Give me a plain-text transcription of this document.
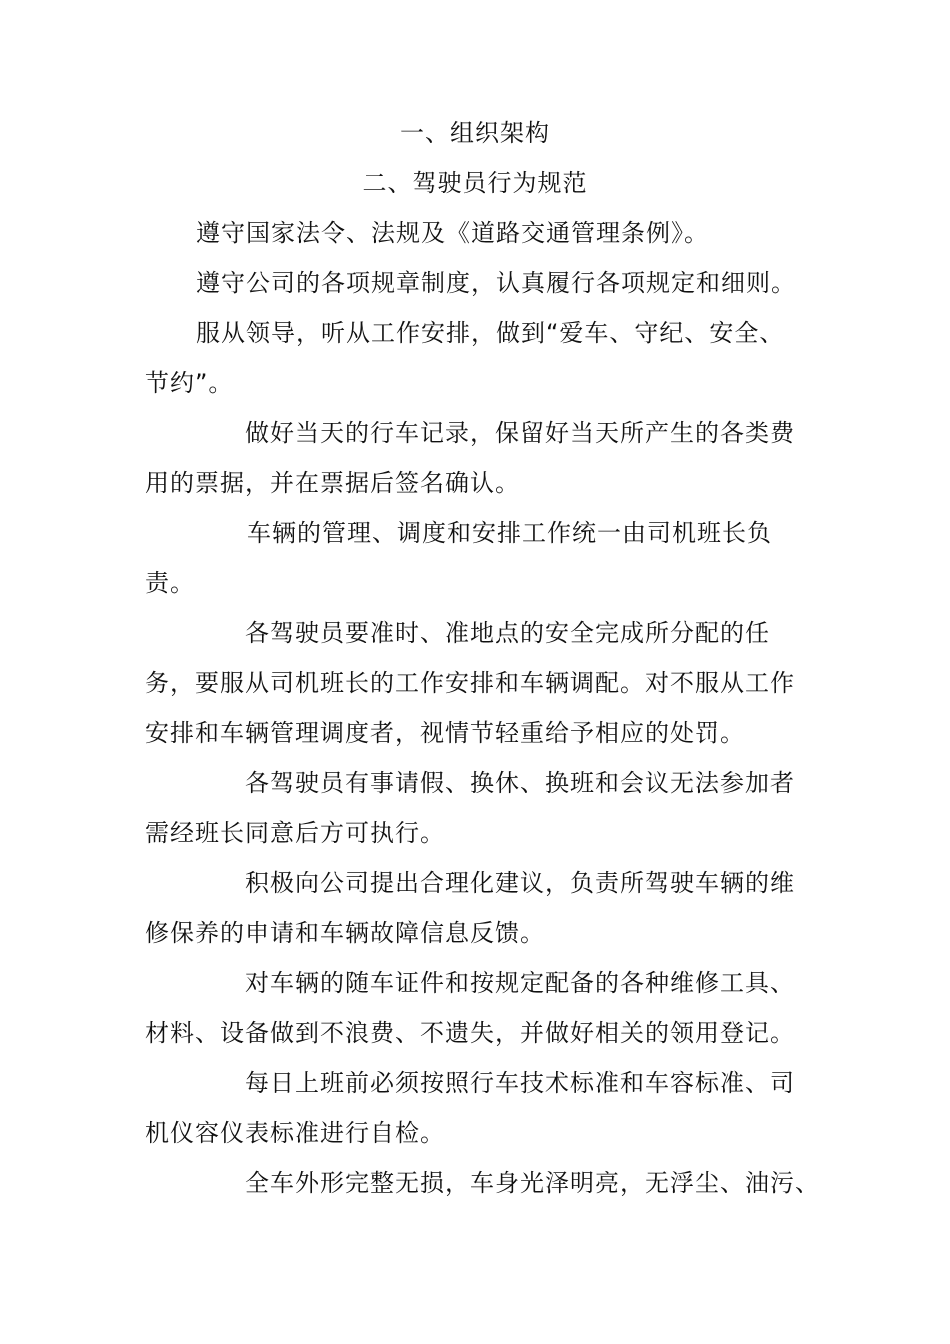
一、组织架构
二、驾驶员行为规范
遵守国家法令、法规及《道路交通管理条例》。
遵守公司的各项规章制度，认真履行各项规定和细则。
服从领导，听从工作安排，做到“爱车、守纪、安全、
节约”。
做好当天的行车记录，保留好当天所产生的各类费
用的票据，并在票据后签名确认。
车辆的管理、调度和安排工作统一由司机班长负
责。
各驾驶员要准时、准地点的安全完成所分配的任
务，要服从司机班长的工作安排和车辆调配。对不服从工作
安排和车辆管理调度者，视情节轻重给予相应的处罚。
各驾驶员有事请假、换休、换班和会议无法参加者
需经班长同意后方可执行。
积极向公司提出合理化建议，负责所驾驶车辆的维
修保养的申请和车辆故障信息反馈。
对车辆的随车证件和按规定配备的各种维修工具、
材料、设备做到不浪费、不遗失，并做好相关的领用登记。
每日上班前必须按照行车技术标准和车容标准、司
机仪容仪表标准进行自检。
全车外形完整无损，车身光泽明亮，无浮尘、油污、
